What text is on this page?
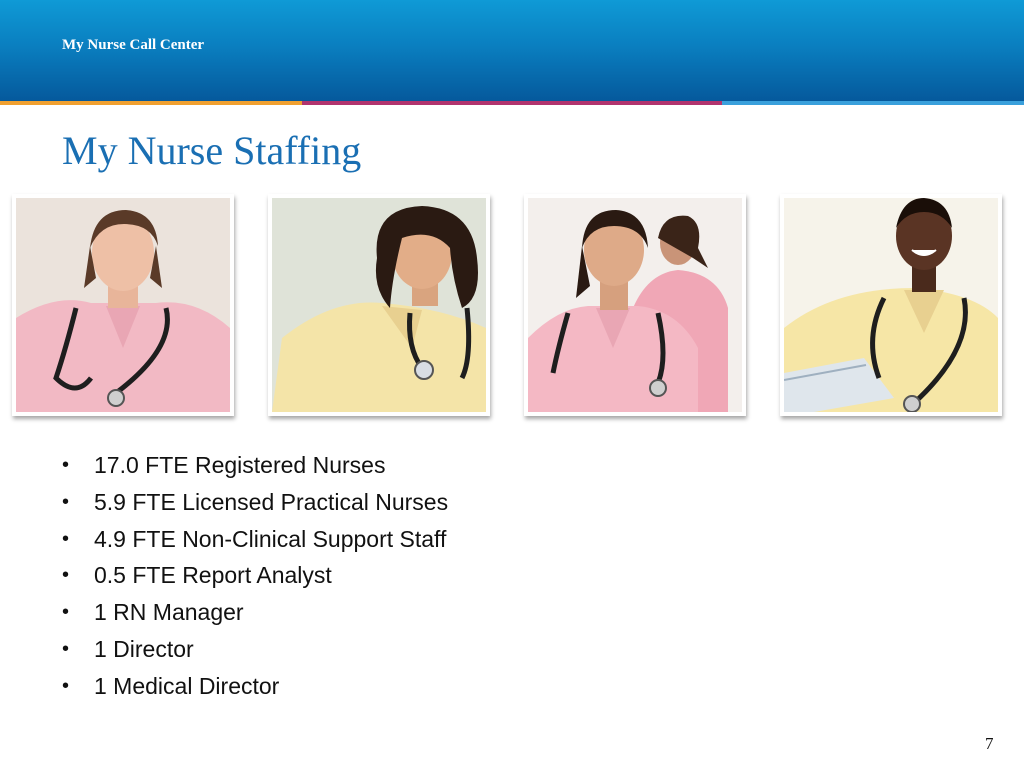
My Nurse Call Center
My Nurse Staffing
• 17.0 FTE Registered Nurses
• 5.9 FTE Licensed Practical Nurses
• 4.9 FTE Non-Clinical Support Staff
• 0.5 FTE Report Analyst
• 1 RN Manager
• 1 Director
• 1 Medical Director
7
